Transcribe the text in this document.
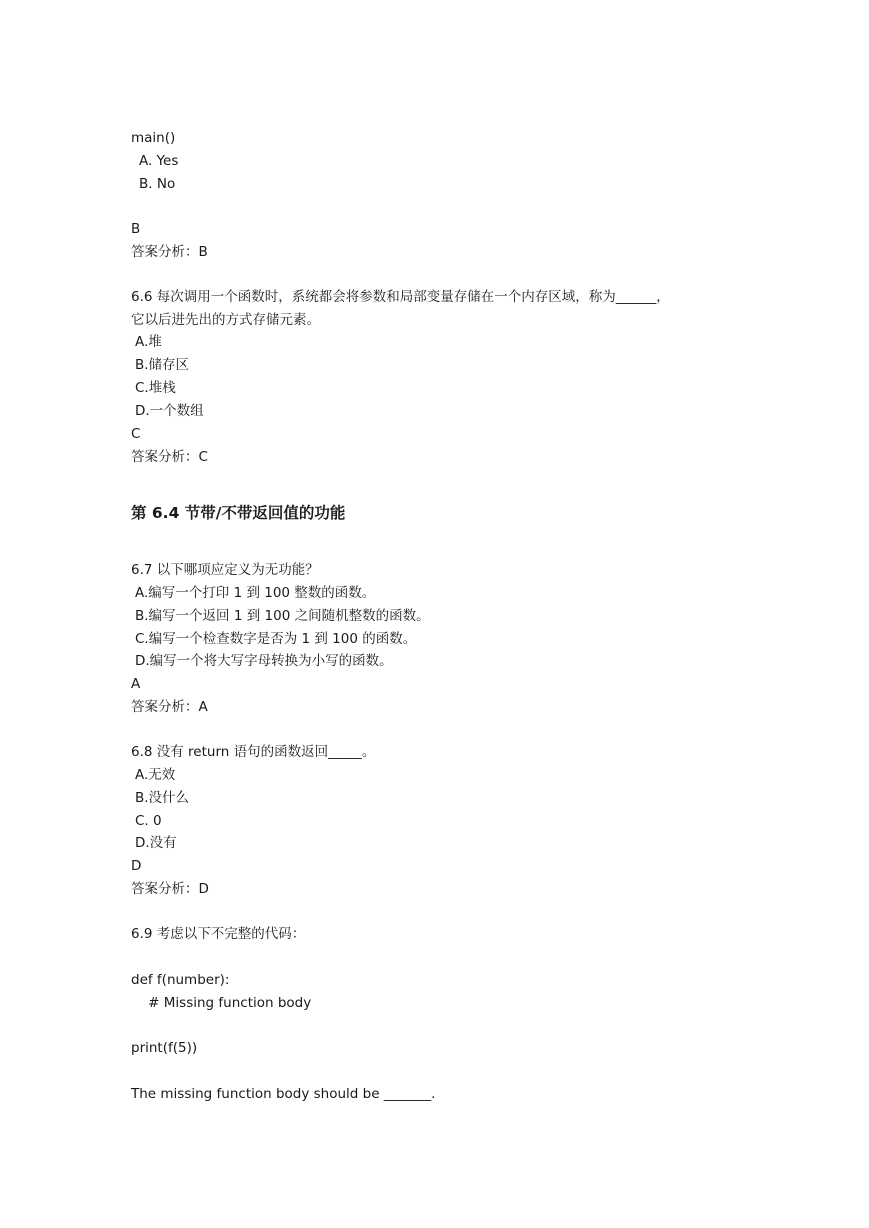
main()
A. Yes
B. No
B
答案分析：B
6.6 每次调用一个函数时，系统都会将参数和局部变量存储在一个内存区域，称为______，
它以后进先出的方式存储元素。
A.堆
B.储存区
C.堆栈
D.一个数组
C
答案分析：C
第 6.4 节带/不带返回值的功能
6.7 以下哪项应定义为无功能？
A.编写一个打印 1 到 100 整数的函数。
B.编写一个返回 1 到 100 之间随机整数的函数。
C.编写一个检查数字是否为 1 到 100 的函数。
D.编写一个将大写字母转换为小写的函数。
A
答案分析：A
6.8 没有 return 语句的函数返回_____。
A.无效
B.没什么
C. 0
D.没有
D
答案分析：D
6.9 考虑以下不完整的代码：
def f(number):
# Missing function body
print(f(5))
The missing function body should be _______.
